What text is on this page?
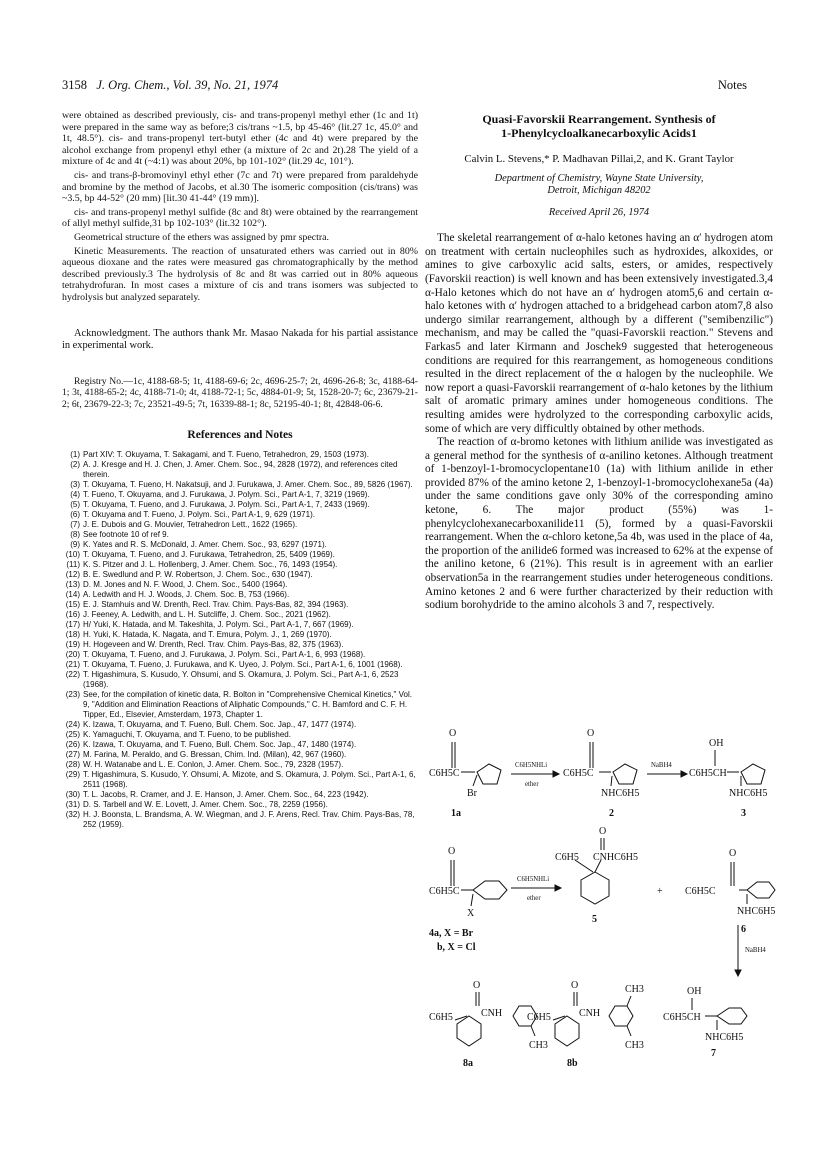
3158 J. Org. Chem., Vol. 39, No. 21, 1974	Notes

were obtained as described previously, cis- and trans-propenyl methyl ether (1c and 1t) were prepared in the same way as before;3 cis/trans ~1.5, bp 45-46° (lit.27 1c, 45.0° and 1t, 48.5°). cis- and trans-propenyl tert-butyl ether (4c and 4t) were prepared by the alcohol exchange from propenyl ethyl ether (a mixture of 2c and 2t).28 The yield of a mixture of 4c and 4t (~4:1) was about 20%, bp 101-102° (lit.29 4c, 101°).

cis- and trans-β-bromovinyl ethyl ether (7c and 7t) were prepared from paraldehyde and bromine by the method of Jacobs, et al.30 The isomeric composition (cis/trans) was ~3.5, bp 44-52° (20 mm) [lit.30 41-44° (19 mm)].

cis- and trans-propenyl methyl sulfide (8c and 8t) were obtained by the rearrangement of allyl methyl sulfide,31 bp 102-103° (lit.32 102°).

Geometrical structure of the ethers was assigned by pmr spectra.

Kinetic Measurements. The reaction of unsaturated ethers was carried out in 80% aqueous dioxane and the rates were measured gas chromatographically by the method described previously.3 The hydrolysis of 8c and 8t was carried out in 80% aqueous tetrahydrofuran. In most cases a mixture of cis and trans isomers was subjected to hydrolysis but analyzed separately.

Acknowledgment. The authors thank Mr. Masao Nakada for his partial assistance in experimental work.

Registry No.—1c, 4188-68-5; 1t, 4188-69-6; 2c, 4696-25-7; 2t, 4696-26-8; 3c, 4188-64-1; 3t, 4188-65-2; 4c, 4188-71-0; 4t, 4188-72-1; 5c, 4884-01-9; 5t, 1528-20-7; 6c, 23679-21-2; 6t, 23679-22-3; 7c, 23521-49-5; 7t, 16339-88-1; 8c, 52195-40-1; 8t, 42848-06-6.

References and Notes
(1) Part XIV: T. Okuyama, T. Sakagami, and T. Fueno, Tetrahedron, 29, 1503 (1973).
(2) A. J. Kresge and H. J. Chen, J. Amer. Chem. Soc., 94, 2828 (1972), and references cited therein.
(3) T. Okuyama, T. Fueno, H. Nakatsuji, and J. Furukawa, J. Amer. Chem. Soc., 89, 5826 (1967).
(4) T. Fueno, T. Okuyama, and J. Furukawa, J. Polym. Sci., Part A-1, 7, 3219 (1969).
(5) T. Okuyama, T. Fueno, and J. Furukawa, J. Polym. Sci., Part A-1, 7, 2433 (1969).
(6) T. Okuyama and T. Fueno, J. Polym. Sci., Part A-1, 9, 629 (1971).
(7) J. E. Dubois and G. Mouvier, Tetrahedron Lett., 1622 (1965).
(8) See footnote 10 of ref 9.
(9) K. Yates and R. S. McDonald, J. Amer. Chem. Soc., 93, 6297 (1971).
(10) T. Okuyama, T. Fueno, and J. Furukawa, Tetrahedron, 25, 5409 (1969).
(11) K. S. Pitzer and J. L. Hollenberg, J. Amer. Chem. Soc., 76, 1493 (1954).
(12) B. E. Swedlund and P. W. Robertson, J. Chem. Soc., 630 (1947).
(13) D. M. Jones and N. F. Wood, J. Chem. Soc., 5400 (1964).
(14) A. Ledwith and H. J. Woods, J. Chem. Soc. B, 753 (1966).
(15) E. J. Stamhuis and W. Drenth, Recl. Trav. Chim. Pays-Bas, 82, 394 (1963).
(16) J. Feeney, A. Ledwith, and L. H. Sutcliffe, J. Chem. Soc., 2021 (1962).
(17) H/ Yuki, K. Hatada, and M. Takeshita, J. Polym. Sci., Part A-1, 7, 667 (1969).
(18) H. Yuki, K. Hatada, K. Nagata, and T. Emura, Polym. J., 1, 269 (1970).
(19) H. Hogeveen and W. Drenth, Recl. Trav. Chim. Pays-Bas, 82, 375 (1963).
(20) T. Okuyama, T. Fueno, and J. Furukawa, J. Polym. Sci., Part A-1, 6, 993 (1968).
(21) T. Okuyama, T. Fueno, J. Furukawa, and K. Uyeo, J. Polym. Sci., Part A-1, 6, 1001 (1968).
(22) T. Higashimura, S. Kusudo, Y. Ohsumi, and S. Okamura, J. Polym. Sci., Part A-1, 6, 2523 (1968).
(23) See, for the compilation of kinetic data, R. Bolton in "Comprehensive Chemical Kinetics," Vol. 9, "Addition and Elimination Reactions of Aliphatic Compounds," C. H. Bamford and C. F. H. Tipper, Ed., Elsevier, Amsterdam, 1973, Chapter 1.
(24) K. Izawa, T. Okuyama, and T. Fueno, Bull. Chem. Soc. Jap., 47, 1477 (1974).
(25) K. Yamaguchi, T. Okuyama, and T. Fueno, to be published.
(26) K. Izawa, T. Okuyama, and T. Fueno, Bull. Chem. Soc. Jap., 47, 1480 (1974).
(27) M. Farina, M. Peraldo, and G. Bressan, Chim. Ind. (Milan), 42, 967 (1960).
(28) W. H. Watanabe and L. E. Conlon, J. Amer. Chem. Soc., 79, 2328 (1957).
(29) T. Higashimura, S. Kusudo, Y. Ohsumi, A. Mizote, and S. Okamura, J. Polym. Sci., Part A-1, 6, 2511 (1968).
(30) T. L. Jacobs, R. Cramer, and J. E. Hanson, J. Amer. Chem. Soc., 64, 223 (1942).
(31) D. S. Tarbell and W. E. Lovett, J. Amer. Chem. Soc., 78, 2259 (1956).
(32) H. J. Boonsta, L. Brandsma, A. W. Wiegman, and J. F. Arens, Recl. Trav. Chim. Pays-Bas, 78, 252 (1959).
Quasi-Favorskii Rearrangement. Synthesis of
1-Phenylcycloalkanecarboxylic Acids1
Calvin L. Stevens,* P. Madhavan Pillai,2, and K. Grant Taylor
Department of Chemistry, Wayne State University,
Detroit, Michigan 48202
Received April 26, 1974

The skeletal rearrangement of α-halo ketones having an α′ hydrogen atom on treatment with certain nucleophiles such as hydroxides, alkoxides, or amines to give carboxylic acid salts, esters, or amides, respectively (Favorskii reaction) is well known and has been extensively investigated.3,4 α-Halo ketones which do not have an α′ hydrogen atom5,6 and certain α-halo ketones with α′ hydrogen attached to a bridgehead carbon atom7,8 also undergo similar rearrangement, although by a different ("semibenzilic") mechanism, and may be called the "quasi-Favorskii reaction." Stevens and Farkas5 and later Kirmann and Joschek9 suggested that heterogeneous conditions are required for this rearrangement, as homogeneous conditions resulted in the direct replacement of the α halogen by the nucleophile. We now report a quasi-Favorskii rearrangement of α-halo ketones by the lithium salt of aromatic primary amines under homogeneous conditions. The resulting amides were hydrolyzed to the corresponding carboxylic acids, some of which are very difficultly obtained by other methods.

The reaction of α-bromo ketones with lithium anilide was investigated as a general method for the synthesis of α-anilino ketones. Although treatment of 1-benzoyl-1-bromocyclopentane10 (1a) with lithium anilide in ether provided 87% of the amino ketone 2, 1-benzoyl-1-bromocyclohexane5a (4a) under the same conditions gave only 30% of the corresponding amino ketone, 6. The major product (55%) was 1-phenylcyclohexanecarboxanilide11 (5), formed by a quasi-Favorskii rearrangement. When the α-chloro ketone,5a 4b, was used in the place of 4a, the proportion of the anilide6 formed was increased to 62% at the expense of the anilino ketone, 6 (21%). This result is in agreement with an earlier observation5a in the rearrangement studies under heterogeneous conditions. Amino ketones 2 and 6 were further characterized by their reduction with sodium borohydride to the amino alcohols 3 and 7, respectively.

O
C6H5C
Br
1a
C6H5NHLi
ether
O
C6H5C
NHC6H5
2
NaBH4
OH
C6H5CH
NHC6H5
3
O
C6H5C
X
4a, X = Br
b, X = Cl
C6H5NHLi
ether
O
C6H5 CNHC6H5
5
+
O
C6H5C
NHC6H5
6
NaBH4
O
C6H5	CNH
CH3
8a
O
C6H5	CNH
CH3
CH3
8b
OH
C6H5CH
NHC6H5
7
